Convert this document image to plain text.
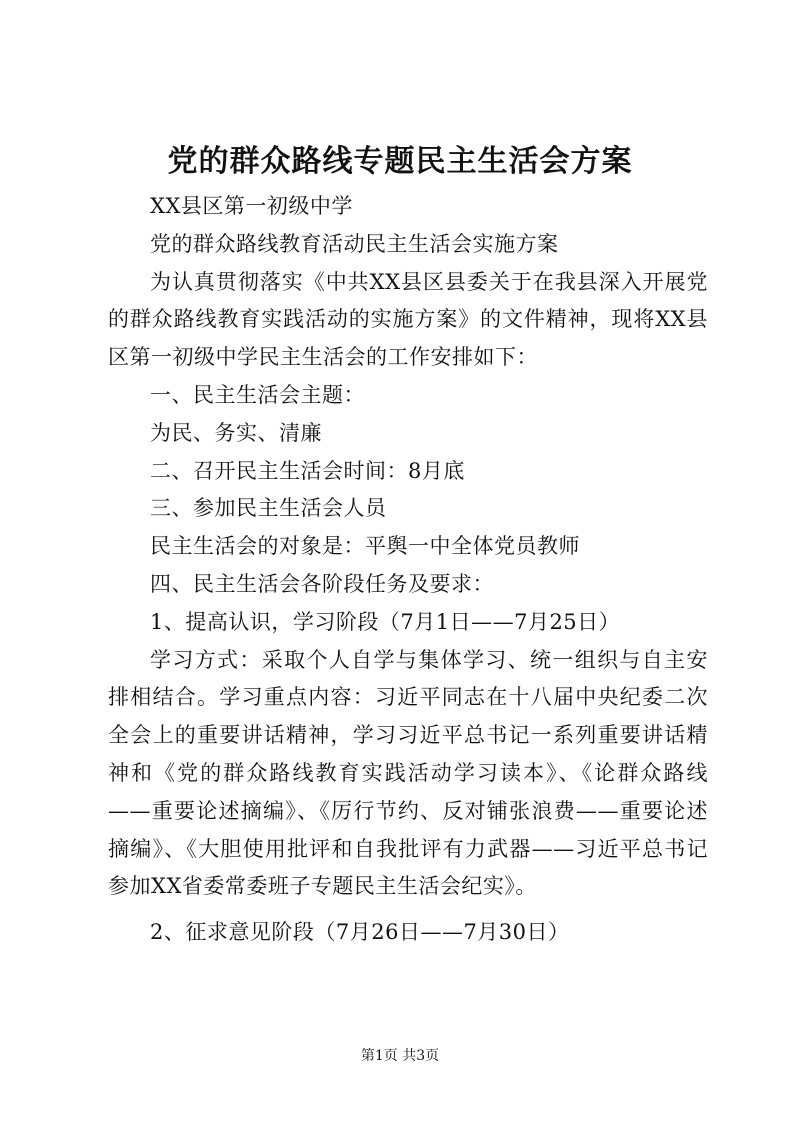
党的群众路线专题民主生活会方案

XX县区第一初级中学

党的群众路线教育活动民主生活会实施方案

为认真贯彻落实《中共XX县区县委关于在我县深入开展党的群众路线教育实践活动的实施方案》的文件精神，现将XX县区第一初级中学民主生活会的工作安排如下：

一、民主生活会主题：

为民、务实、清廉

二、召开民主生活会时间：8月底

三、参加民主生活会人员

民主生活会的对象是：平舆一中全体党员教师

四、民主生活会各阶段任务及要求：

1、提高认识，学习阶段（7月1日——7月25日）

学习方式：采取个人自学与集体学习、统一组织与自主安排相结合。学习重点内容：习近平同志在十八届中央纪委二次全会上的重要讲话精神，学习习近平总书记一系列重要讲话精神和《党的群众路线教育实践活动学习读本》、《论群众路线——重要论述摘编》、《厉行节约、反对铺张浪费——重要论述摘编》、《大胆使用批评和自我批评有力武器——习近平总书记参加XX省委常委班子专题民主生活会纪实》。

2、征求意见阶段（7月26日——7月30日）

第1页 共3页
